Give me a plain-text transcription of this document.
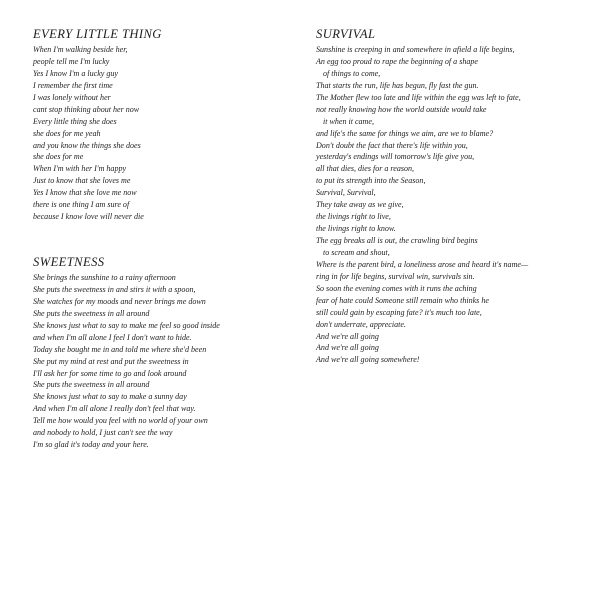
EVERY LITTLE THING
When I'm walking beside her,
people tell me I'm lucky
Yes I know I'm a lucky guy
I remember the first time
I was lonely without her
cant stop thinking about her now
Every little thing she does
she does for me yeah
and you know the things she does
she does for me
When I'm with her I'm happy
Just to know that she loves me
Yes I know that she love me now
there is one thing I am sure of
because I know love will never die
SWEETNESS
She brings the sunshine to a rainy afternoon
She puts the sweetness in and stirs it with a spoon,
She watches for my moods and never brings me down
She puts the sweetness in all around
She knows just what to say to make me feel so good inside
and when I'm all alone I feel I don't want to hide.
Today she bought me in and told me where she'd been
She put my mind at rest and put the sweetness in
I'll ask her for some time to go and look around
She puts the sweetness in all around
She knows just what to say to make a sunny day
And when I'm all alone I really don't feel that way.
Tell me how would you feel with no world of your own
and nobody to hold, I just can't see the way
I'm so glad it's today and your here.
SURVIVAL
Sunshine is creeping in and somewhere in afield a life begins,
An egg too proud to rape the beginning of a shape
of things to come,
That starts the run, life has begun, fly fast the gun.
The Mother flew too late and life within the egg was left to fate,
not really knowing how the world outside would take
it when it came,
and life's the same for things we aim, are we to blame?
Don't doubt the fact that there's life within you,
yesterday's endings will tomorrow's life give you,
all that dies, dies for a reason,
to put its strength into the Season,
Survival, Survival,
They take away as we give,
the livings right to live,
the livings right to know.
The egg breaks all is out, the crawling bird begins
to scream and shout,
Where is the parent bird, a loneliness arose and heard it's name—
ring in for life begins, survival win, survivals sin.
So soon the evening comes with it runs the aching
fear of hate could Someone still remain who thinks he
still could gain by escaping fate? it's much too late,
don't underrate, appreciate.
And we're all going
And we're all going
And we're all going somewhere!
